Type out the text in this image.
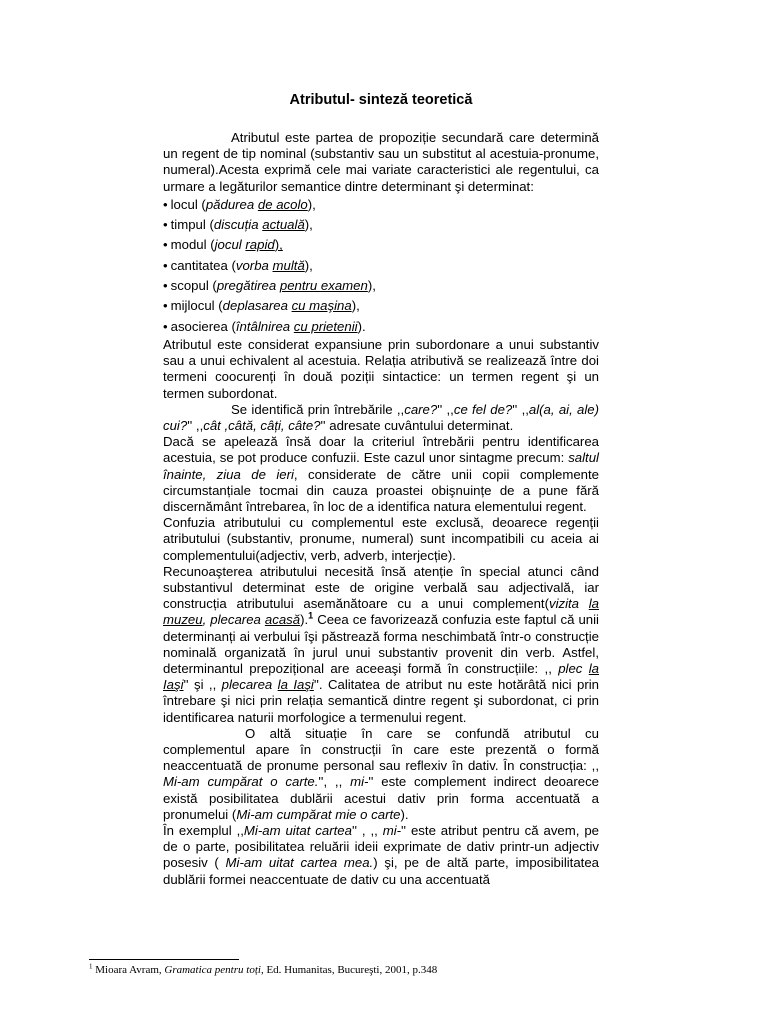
Atributul- sinteză teoretică

Atributul este partea de propoziție secundară care determină un regent de tip nominal (substantiv sau un substitut al acestuia-pronume, numeral).Acesta exprimă cele mai variate caracteristici ale regentului, ca urmare a legăturilor semantice dintre determinant şi determinat:

• locul (pădurea de acolo),
• timpul (discuția actuală),
• modul (jocul rapid),
• cantitatea (vorba multă),
• scopul (pregătirea pentru examen),
• mijlocul (deplasarea cu maşina),
• asocierea (întâlnirea cu prietenii).

Atributul este considerat expansiune prin subordonare a unui substantiv sau a unui echivalent al acestuia. Relația atributivă se realizează între doi termeni coocurenți în două poziții sintactice: un termen regent şi un termen subordonat.

Se identifică prin întrebările ,,care?'' ,,ce fel de?'' ,,al(a, ai, ale) cui?'' ,,cât ,câtă, câți, câte?'' adresate cuvântului determinat.

Dacă se apelează însă doar la criteriul întrebării pentru identificarea acestuia, se pot produce confuzii. Este cazul unor sintagme precum: saltul înainte, ziua de ieri, considerate de către unii copii complemente circumstanțiale tocmai din cauza proastei obişnuințe de a pune fără discernământ întrebarea, în loc de a identifica natura elementului regent.

Confuzia atributului cu complementul este exclusă, deoarece regenții atributului (substantiv, pronume, numeral) sunt incompatibili cu aceia ai complementului(adjectiv, verb, adverb, interjecție).

Recunoaşterea atributului necesită însă atenție în special atunci când substantivul determinat este de origine verbală sau adjectivală, iar construcția atributului asemănătoare cu a unui complement(vizita la muzeu, plecarea acasă).$^1$ Ceea ce favorizează confuzia este faptul că unii determinanți ai verbului îşi păstrează forma neschimbată într-o construcție nominală organizată în jurul unui substantiv provenit din verb. Astfel, determinantul prepozițional are aceeaşi formă în construcțiile: ,, plec la Iaşi'' şi ,, plecarea la Iaşi''. Calitatea de atribut nu este hotărâtă nici prin întrebare şi nici prin relația semantică dintre regent şi subordonat, ci prin identificarea naturii morfologice a termenului regent.

O altă situație în care se confundă atributul cu complementul apare în construcții în care este prezentă o formă neaccentuată de pronume personal sau reflexiv în dativ. În construcția: ,, Mi-am cumpărat o carte.'', ,, mi-'' este complement indirect deoarece există posibilitatea dublării acestui dativ prin forma accentuată a pronumelui (Mi-am cumpărat mie o carte).

În exemplul ,,Mi-am uitat cartea'' , ,, mi-'' este atribut pentru că avem, pe de o parte, posibilitatea reluării ideii exprimate de dativ printr-un adjectiv posesiv ( Mi-am uitat cartea mea.) şi, pe de altă parte, imposibilitatea dublării formei neaccentuate de dativ cu una accentuată

$^1$ Mioara Avram, Gramatica pentru toți, Ed. Humanitas, Bucureşti, 2001, p.348
